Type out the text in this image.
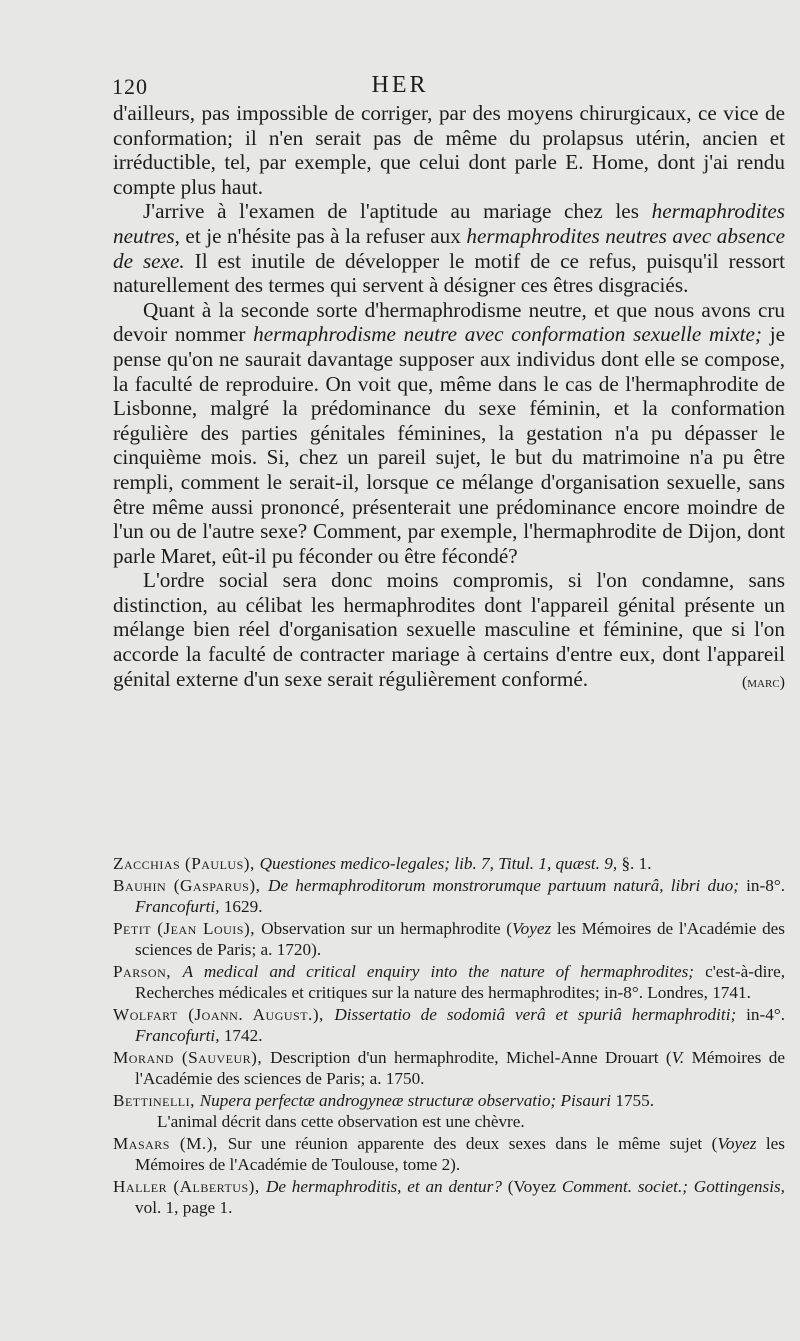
120	HER

d'ailleurs, pas impossible de corriger, par des moyens chirurgicaux, ce vice de conformation; il n'en serait pas de même du prolapsus utérin, ancien et irréductible, tel, par exemple, que celui dont parle E. Home, dont j'ai rendu compte plus haut.

J'arrive à l'examen de l'aptitude au mariage chez les hermaphrodites neutres, et je n'hésite pas à la refuser aux hermaphrodites neutres avec absence de sexe. Il est inutile de développer le motif de ce refus, puisqu'il ressort naturellement des termes qui servent à désigner ces êtres disgraciés.

Quant à la seconde sorte d'hermaphrodisme neutre, et que nous avons cru devoir nommer hermaphrodisme neutre avec conformation sexuelle mixte; je pense qu'on ne saurait davantage supposer aux individus dont elle se compose, la faculté de reproduire. On voit que, même dans le cas de l'hermaphrodite de Lisbonne, malgré la prédominance du sexe féminin, et la conformation régulière des parties génitales féminines, la gestation n'a pu dépasser le cinquième mois. Si, chez un pareil sujet, le but du matrimoine n'a pu être rempli, comment le serait-il, lorsque ce mélange d'organisation sexuelle, sans être même aussi prononcé, présenterait une prédominance encore moindre de l'un ou de l'autre sexe? Comment, par exemple, l'hermaphrodite de Dijon, dont parle Maret, eût-il pu féconder ou être fécondé?

L'ordre social sera donc moins compromis, si l'on condamne, sans distinction, au célibat les hermaphrodites dont l'appareil génital présente un mélange bien réel d'organisation sexuelle masculine et féminine, que si l'on accorde la faculté de contracter mariage à certains d'entre eux, dont l'appareil génital externe d'un sexe serait régulièrement conformé.	(marc)

Zacchias (Paulus), Questiones medico-legales; lib. 7, Titul. 1, quæst. 9, §. 1.

Bauhin (Gasparus), De hermaphroditorum monstrorumque partuum naturâ, libri duo; in-8°. Francofurti, 1629.

Petit (Jean Louis), Observation sur un hermaphrodite (Voyez les Mémoires de l'Académie des sciences de Paris; a. 1720).

Parson, A medical and critical enquiry into the nature of hermaphrodites; c'est-à-dire, Recherches médicales et critiques sur la nature des hermaphrodites; in-8°. Londres, 1741.

Wolfart (Joann. August.), Dissertatio de sodomiâ verâ et spuriâ hermaphroditi; in-4°. Francofurti, 1742.

Morand (Sauveur), Description d'un hermaphrodite, Michel-Anne Drouart (V. Mémoires de l'Académie des sciences de Paris; a. 1750.

Bettinelli, Nupera perfectæ androgyneæ structuræ observatio; Pisauri 1755.

L'animal décrit dans cette observation est une chèvre.

Masars (M.), Sur une réunion apparente des deux sexes dans le même sujet (Voyez les Mémoires de l'Académie de Toulouse, tome 2).

Haller (Albertus), De hermaphroditis, et an dentur? (Voyez Comment. societ.; Gottingensis, vol. 1, page 1.
